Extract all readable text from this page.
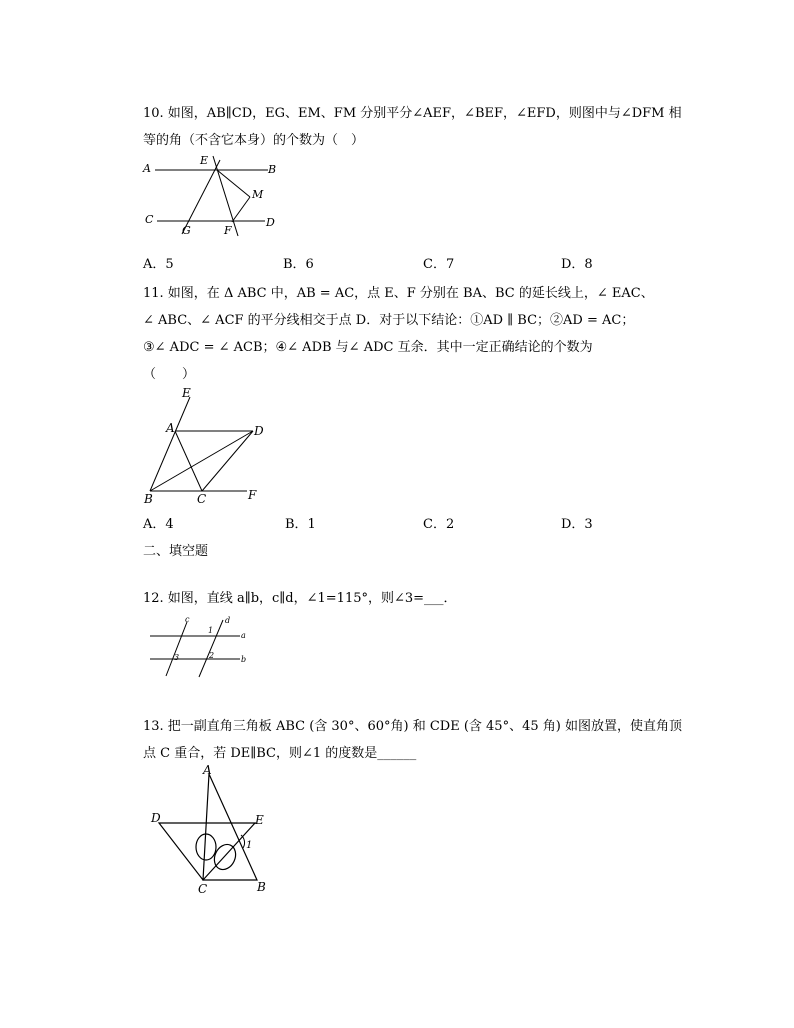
10. 如图，AB∥CD，EG、EM、FM 分别平分∠AEF，∠BEF，∠EFD，则图中与∠DFM 相
等的角（不含它本身）的个数为（　）
A	B
C	D
E
F
G
M
A．5	B．6	C．7	D．8
11. 如图，在 Δ ABC 中，AB = AC，点 E、F 分别在 BA、BC 的延长线上，∠ EAC、
∠ ABC、∠ ACF 的平分线相交于点 D．对于以下结论：①AD ∥ BC；②AD = AC；
③∠ ADC = ∠ ACB；④∠ ADB 与∠ ADC 互余．其中一定正确结论的个数为
（　　）
E
A	D
B	C	F
A．4	B．1	C．2	D．3
二、填空题
12. 如图，直线 a∥b，c∥d，∠1=115°，则∠3=___．
c	d
a
b
1
2
3
13. 把一副直角三角板 ABC (含 30°、60°角) 和 CDE (含 45°、45 角) 如图放置，使直角顶
点 C 重合，若 DE∥BC，则∠1 的度数是______
A
D	E
1
C	B
